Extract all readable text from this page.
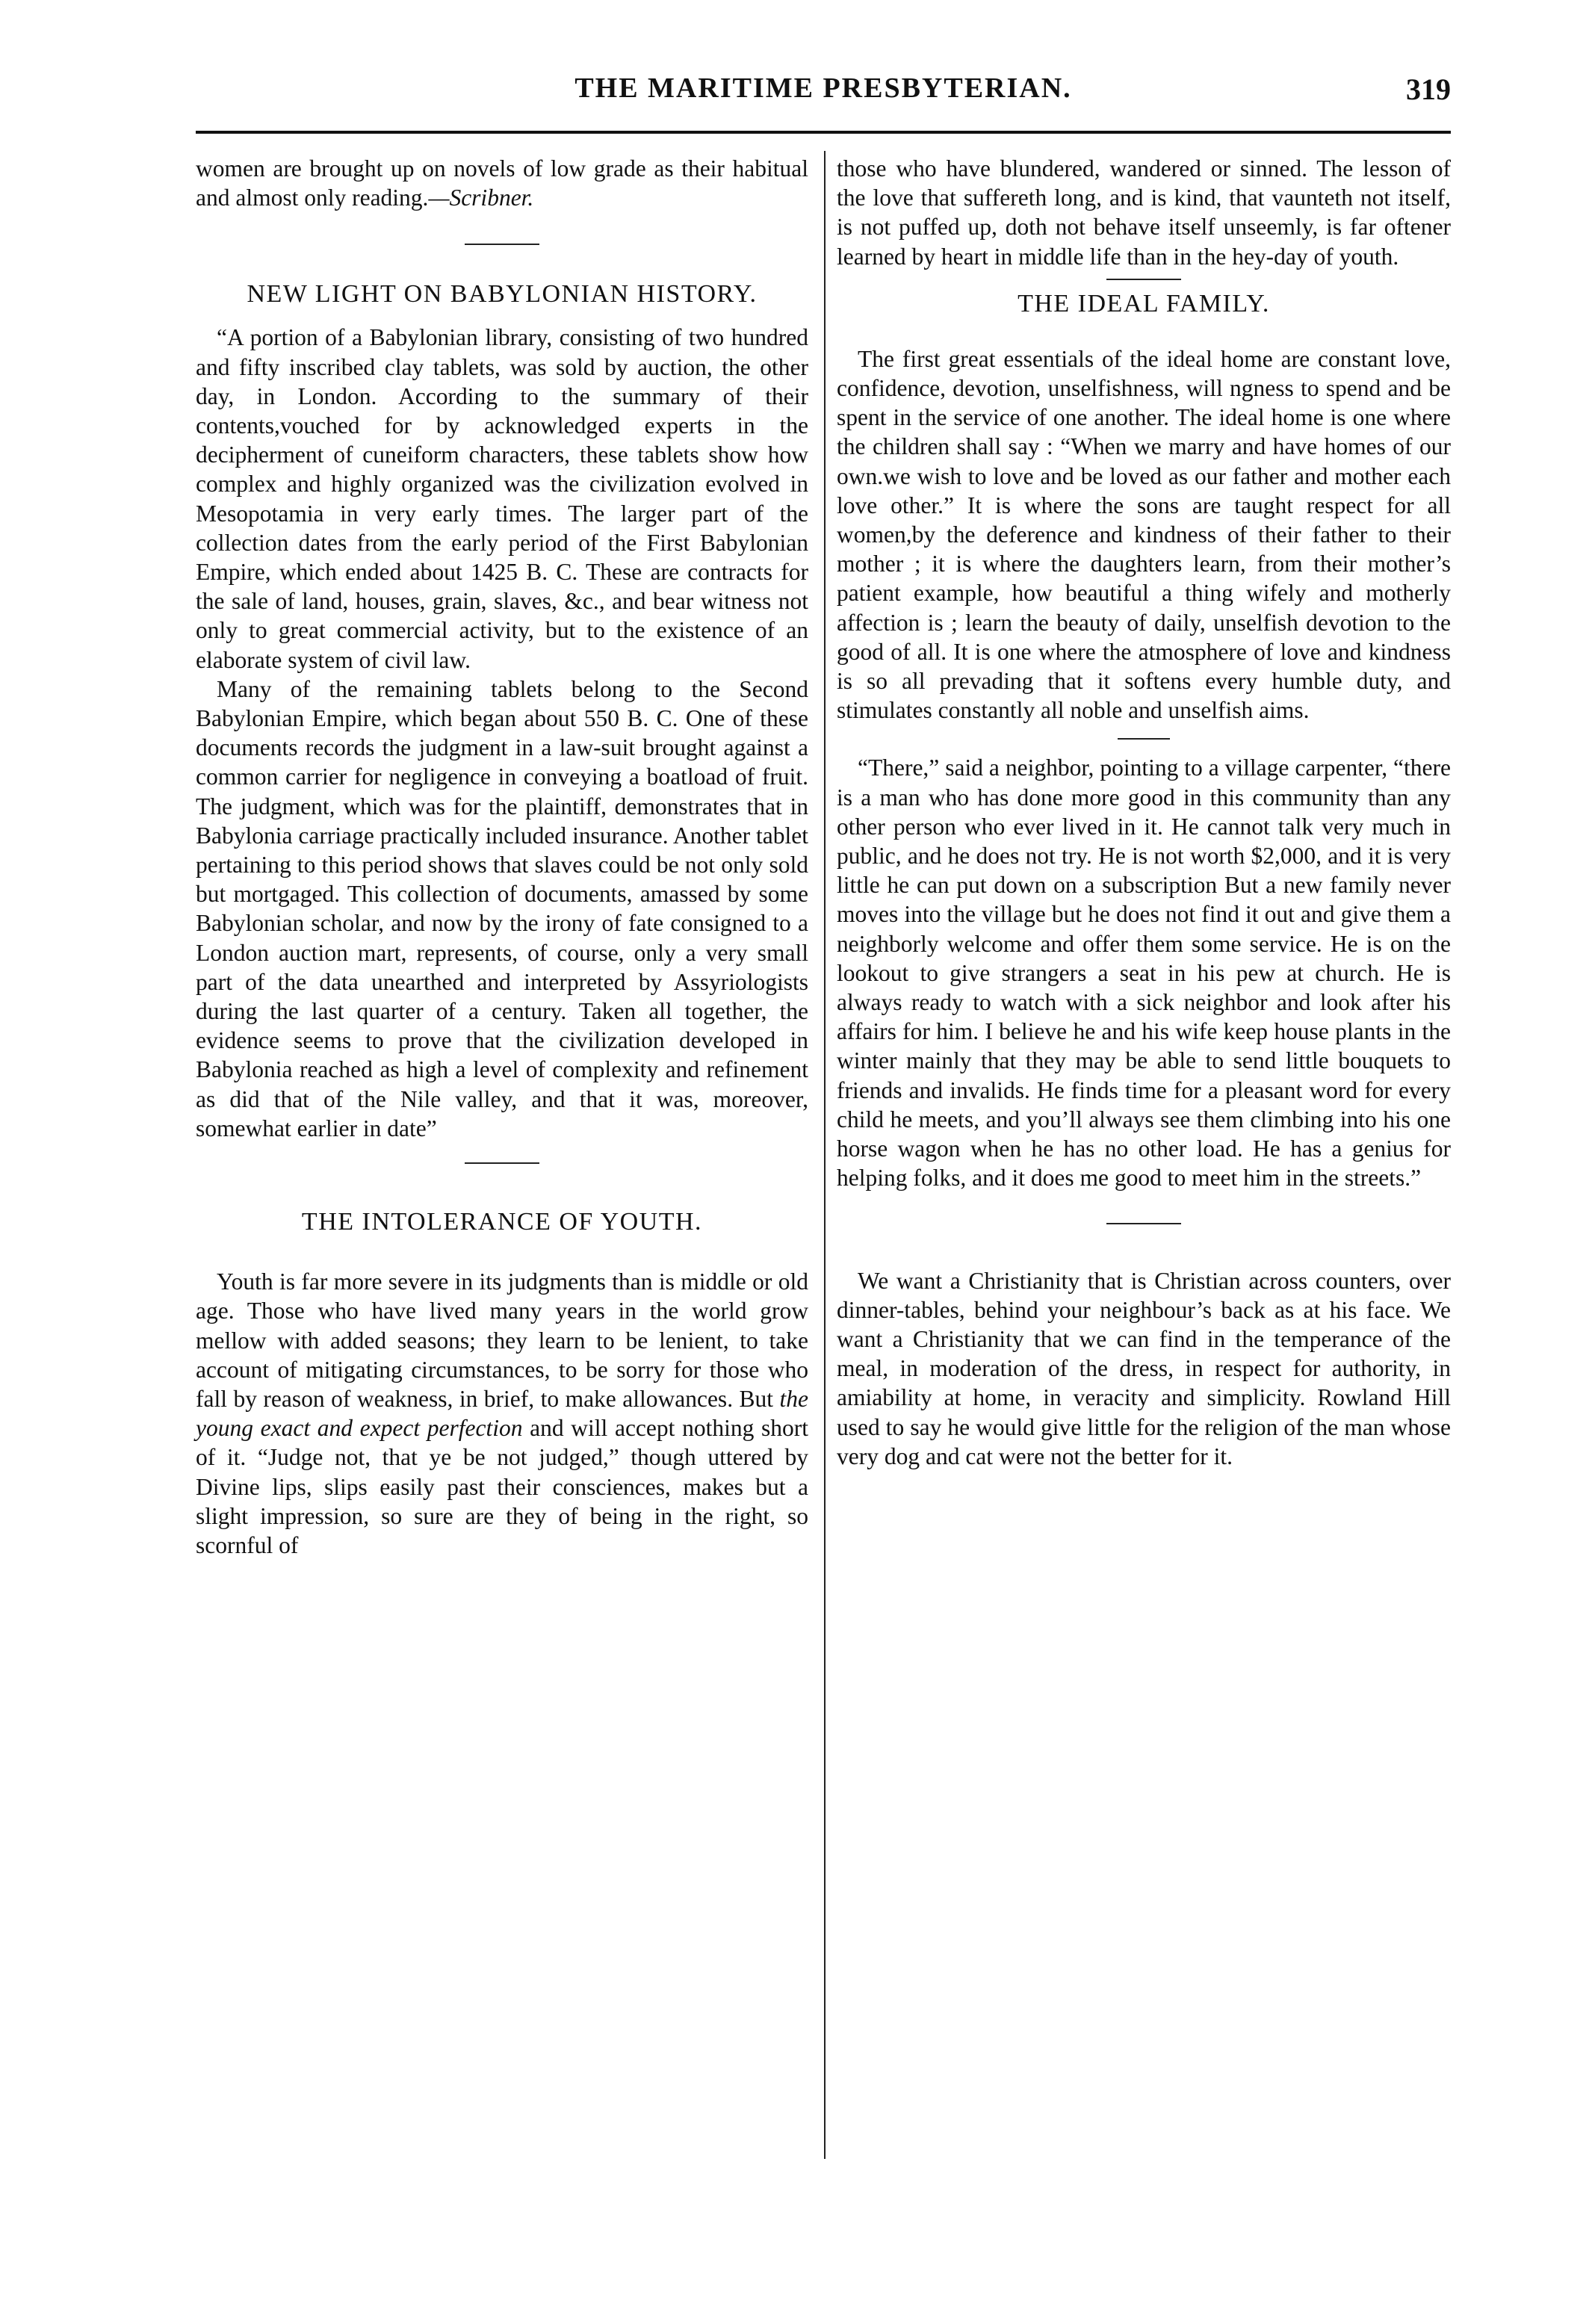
THE MARITIME PRESBYTERIAN.	319

women are brought up on novels of low grade as their habitual and almost only reading.—Scribner.

NEW LIGHT ON BABYLONIAN HISTORY.

“A portion of a Babylonian library, consisting of two hundred and fifty inscribed clay tablets, was sold by auction, the other day, in London. According to the summary of their contents,vouched for by acknowledged experts in the decipherment of cuneiform characters, these tablets show how complex and highly organized was the civilization evolved in Mesopotamia in very early times. The larger part of the collection dates from the early period of the First Babylonian Empire, which ended about 1425 B. C. These are contracts for the sale of land, houses, grain, slaves, &c., and bear witness not only to great commercial activity, but to the existence of an elaborate system of civil law.

Many of the remaining tablets belong to the Second Babylonian Empire, which began about 550 B. C. One of these documents records the judgment in a law-suit brought against a common carrier for negligence in conveying a boatload of fruit. The judgment, which was for the plaintiff, demonstrates that in Babylonia carriage practically included insurance. Another tablet pertaining to this period shows that slaves could be not only sold but mortgaged. This collection of documents, amassed by some Babylonian scholar, and now by the irony of fate consigned to a London auction mart, represents, of course, only a very small part of the data unearthed and interpreted by Assyriologists during the last quarter of a century. Taken all together, the evidence seems to prove that the civilization developed in Babylonia reached as high a level of complexity and refinement as did that of the Nile valley, and that it was, moreover, somewhat earlier in date”

THE INTOLERANCE OF YOUTH.

Youth is far more severe in its judgments than is middle or old age. Those who have lived many years in the world grow mellow with added seasons; they learn to be lenient, to take account of mitigating circumstances, to be sorry for those who fall by reason of weakness, in brief, to make allowances. But the young exact and expect perfection and will accept nothing short of it. “Judge not, that ye be not judged,” though uttered by Divine lips, slips easily past their consciences, makes but a slight impression, so sure are they of being in the right, so scornful of

those who have blundered, wandered or sinned. The lesson of the love that suffereth long, and is kind, that vaunteth not itself, is not puffed up, doth not behave itself unseemly, is far oftener learned by heart in middle life than in the hey-day of youth.

THE IDEAL FAMILY.

The first great essentials of the ideal home are constant love, confidence, devotion, unselfishness, will ngness to spend and be spent in the service of one another. The ideal home is one where the children shall say : “When we marry and have homes of our own.we wish to love and be loved as our father and mother each love other.” It is where the sons are taught respect for all women,by the deference and kindness of their father to their mother ; it is where the daughters learn, from their mother’s patient example, how beautiful a thing wifely and motherly affection is ; learn the beauty of daily, unselfish devotion to the good of all. It is one where the atmosphere of love and kindness is so all prevading that it softens every humble duty, and stimulates constantly all noble and unselfish aims.

“There,” said a neighbor, pointing to a village carpenter, “there is a man who has done more good in this community than any other person who ever lived in it. He cannot talk very much in public, and he does not try. He is not worth $2,000, and it is very little he can put down on a subscription But a new family never moves into the village but he does not find it out and give them a neighborly welcome and offer them some service. He is on the lookout to give strangers a seat in his pew at church. He is always ready to watch with a sick neighbor and look after his affairs for him. I believe he and his wife keep house plants in the winter mainly that they may be able to send little bouquets to friends and invalids. He finds time for a pleasant word for every child he meets, and you’ll always see them climbing into his one horse wagon when he has no other load. He has a genius for helping folks, and it does me good to meet him in the streets.”

We want a Christianity that is Christian across counters, over dinner-tables, behind your neighbour’s back as at his face. We want a Christianity that we can find in the temperance of the meal, in moderation of the dress, in respect for authority, in amiability at home, in veracity and simplicity. Rowland Hill used to say he would give little for the religion of the man whose very dog and cat were not the better for it.
